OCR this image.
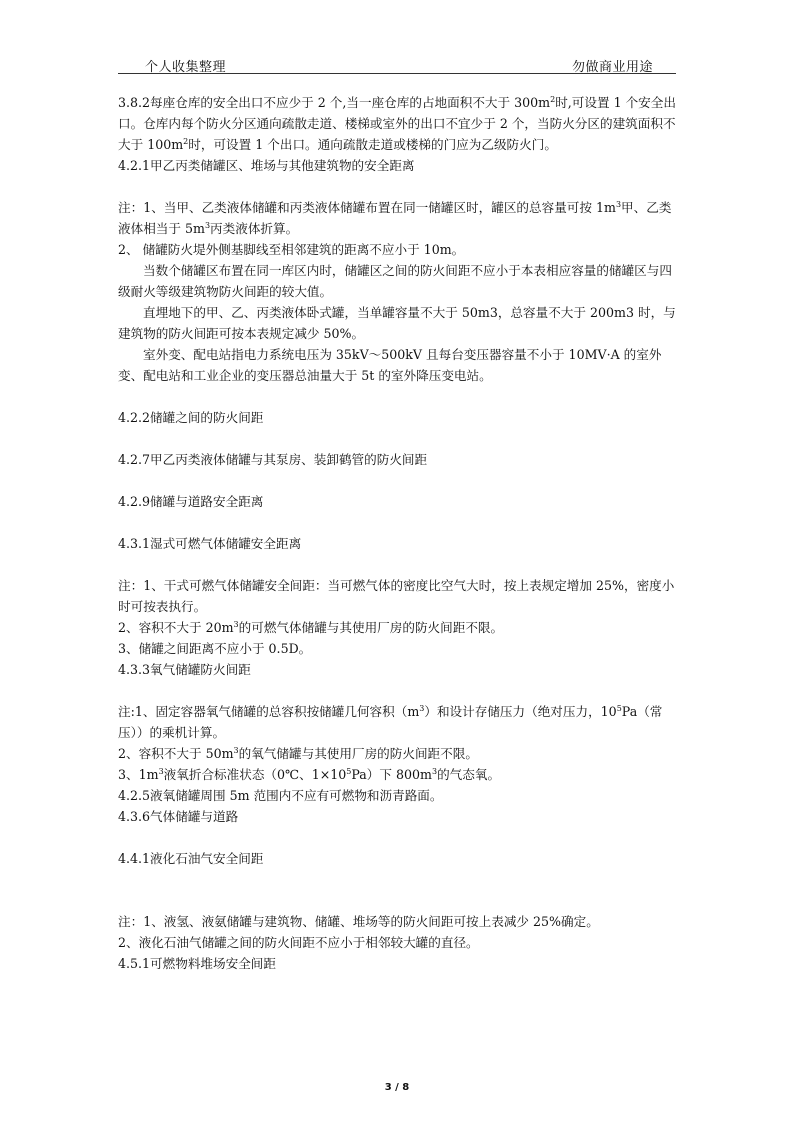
个人收集整理	勿做商业用途

3.8.2每座仓库的安全出口不应少于 2 个,当一座仓库的占地面积不大于 $300m^2$时,可设置 1 个安全出口。仓库内每个防火分区通向疏散走道、楼梯或室外的出口不宜少于 2 个，当防火分区的建筑面积不大于 $100m^2$时，可设置 1 个出口。通向疏散走道或楼梯的门应为乙级防火门。

4.2.1甲乙丙类储罐区、堆场与其他建筑物的安全距离

注：1、当甲、乙类液体储罐和丙类液体储罐布置在同一储罐区时，罐区的总容量可按 $1m^3$甲、乙类液体相当于 $5m^3$丙类液体折算。

2、 储罐防火堤外侧基脚线至相邻建筑的距离不应小于 10m。

当数个储罐区布置在同一库区内时，储罐区之间的防火间距不应小于本表相应容量的储罐区与四级耐火等级建筑物防火间距的较大值。

直埋地下的甲、乙、丙类液体卧式罐，当单罐容量不大于 50m3，总容量不大于 200m3 时，与建筑物的防火间距可按本表规定减少 50%。

室外变、配电站指电力系统电压为 35kV～500kV 且每台变压器容量不小于 10MV·A 的室外变、配电站和工业企业的变压器总油量大于 5t 的室外降压变电站。

4.2.2储罐之间的防火间距

4.2.7甲乙丙类液体储罐与其泵房、装卸鹤管的防火间距

4.2.9储罐与道路安全距离

4.3.1湿式可燃气体储罐安全距离

注：1、干式可燃气体储罐安全间距：当可燃气体的密度比空气大时，按上表规定增加 25%，密度小时可按表执行。

2、容积不大于 $20m^3$的可燃气体储罐与其使用厂房的防火间距不限。

3、储罐之间距离不应小于 0.5D。

4.3.3氧气储罐防火间距

注:1、固定容器氧气储罐的总容积按储罐几何容积$(m^3)$和设计存储压力（绝对压力，$10^5Pa$（常压））的乘机计算。

2、容积不大于 $50m^3$的氧气储罐与其使用厂房的防火间距不限。

3、$1m^3$液氧折合标准状态（0℃、$1\times 10^5Pa$）下 $800m^3$的气态氧。

4.2.5液氧储罐周围 5m 范围内不应有可燃物和沥青路面。

4.3.6气体储罐与道路

4.4.1液化石油气安全间距

注：1、液氢、液氨储罐与建筑物、储罐、堆场等的防火间距可按上表减少 25%确定。

2、液化石油气储罐之间的防火间距不应小于相邻较大罐的直径。

4.5.1可燃物料堆场安全间距

3 / 8
